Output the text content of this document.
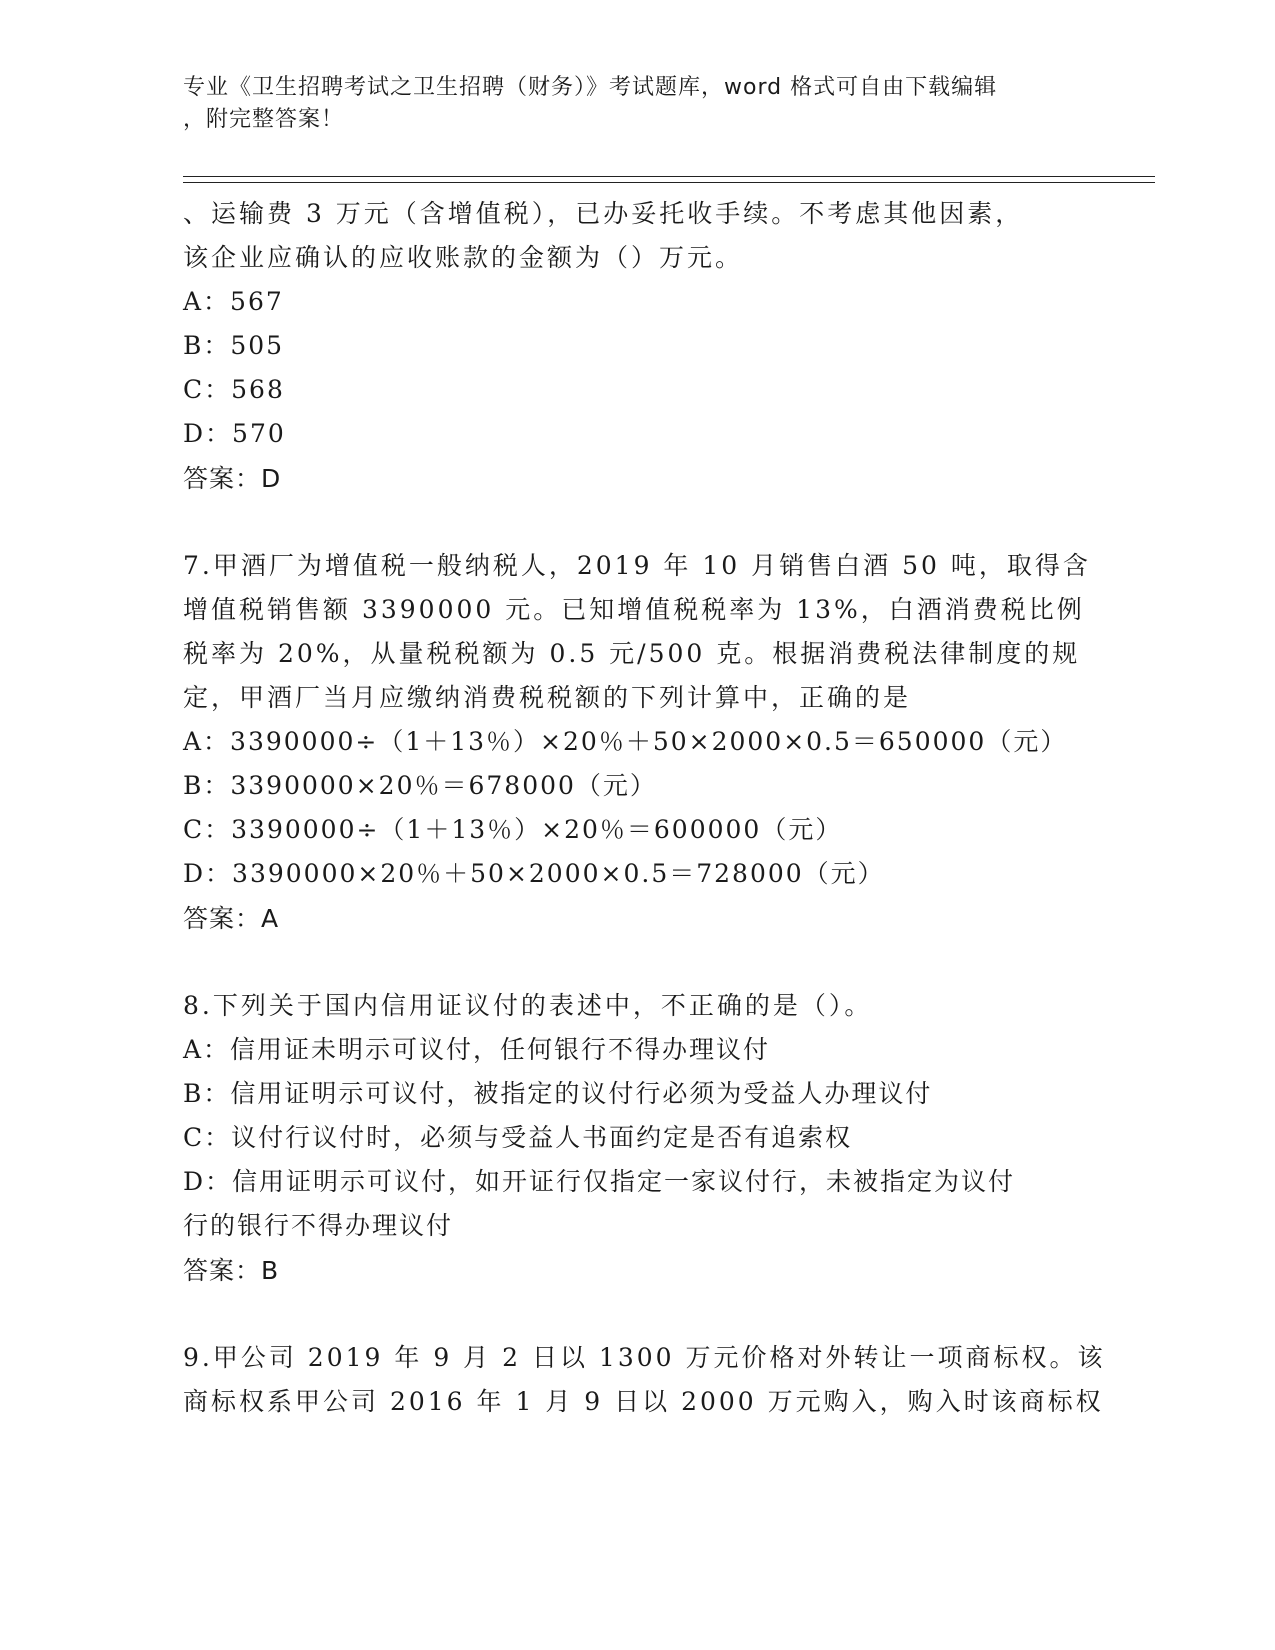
专业《卫生招聘考试之卫生招聘（财务）》考试题库，word 格式可自由下载编辑
，附完整答案！
、运输费 3 万元（含增值税），已办妥托收手续。不考虑其他因素，
该企业应确认的应收账款的金额为（）万元。
A：567
B：505
C：568
D：570
答案：D
7.甲酒厂为增值税一般纳税人，2019 年 10 月销售白酒 50 吨，取得含
增值税销售额 3390000 元。已知增值税税率为 13%，白酒消费税比例
税率为 20%，从量税税额为 0.5 元/500 克。根据消费税法律制度的规
定，甲酒厂当月应缴纳消费税税额的下列计算中，正确的是
A：3390000÷（1＋13％）×20％＋50×2000×0.5＝650000（元）
B：3390000×20％＝678000（元）
C：3390000÷（1＋13％）×20％＝600000（元）
D：3390000×20％＋50×2000×0.5＝728000（元）
答案：A
8.下列关于国内信用证议付的表述中，不正确的是（）。
A：信用证未明示可议付，任何银行不得办理议付
B：信用证明示可议付，被指定的议付行必须为受益人办理议付
C：议付行议付时，必须与受益人书面约定是否有追索权
D：信用证明示可议付，如开证行仅指定一家议付行，未被指定为议付
行的银行不得办理议付
答案：B
9.甲公司 2019 年 9 月 2 日以 1300 万元价格对外转让一项商标权。该
商标权系甲公司 2016 年 1 月 9 日以 2000 万元购入，购入时该商标权
